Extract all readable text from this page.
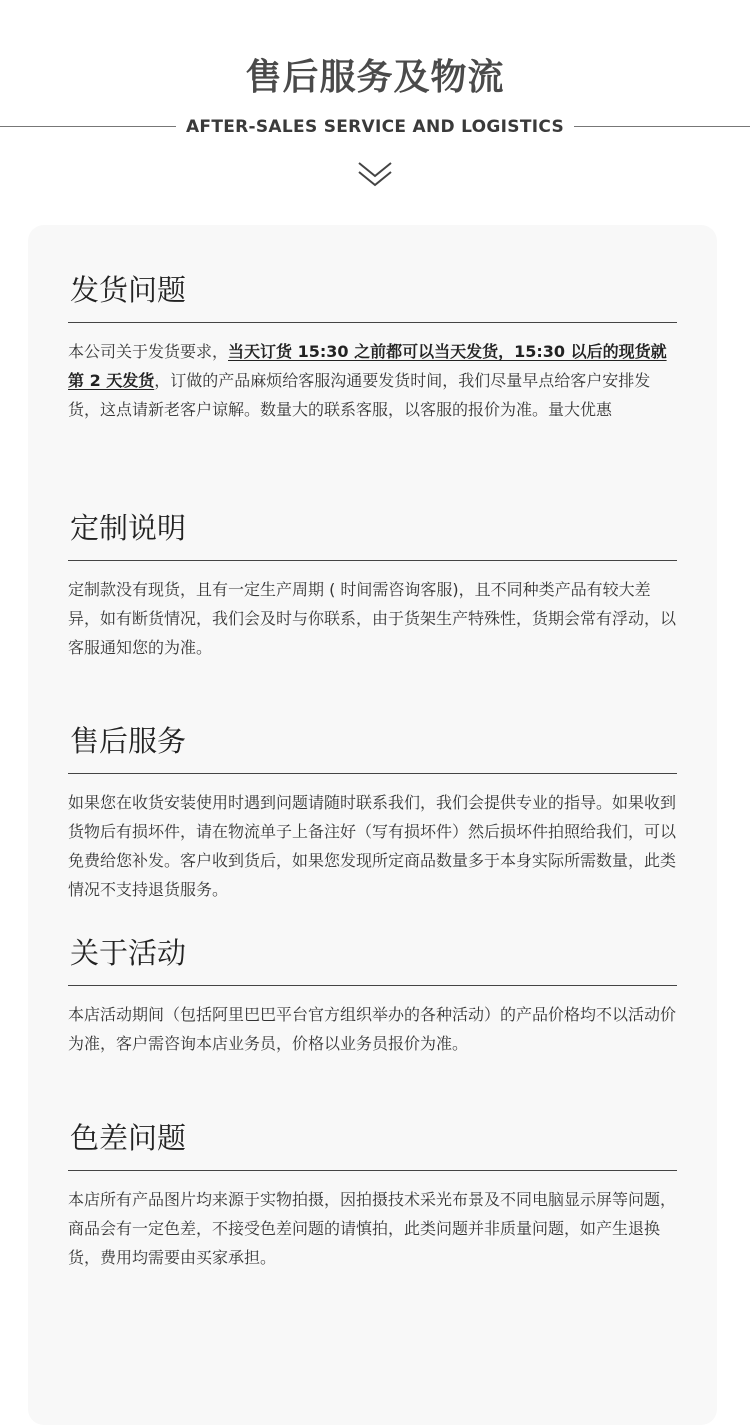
售后服务及物流
AFTER-SALES SERVICE AND LOGISTICS
发货问题
本公司关于发货要求，当天订货 15:30 之前都可以当天发货，15:30 以后的现货就第 2 天发货，订做的产品麻烦给客服沟通要发货时间，我们尽量早点给客户安排发货，这点请新老客户谅解。数量大的联系客服，以客服的报价为准。量大优惠
定制说明
定制款没有现货，且有一定生产周期 ( 时间需咨询客服)，且不同种类产品有较大差异，如有断货情况，我们会及时与你联系，由于货架生产特殊性，货期会常有浮动，以客服通知您的为准。
售后服务
如果您在收货安装使用时遇到问题请随时联系我们，我们会提供专业的指导。如果收到货物后有损坏件，请在物流单子上备注好（写有损坏件）然后损坏件拍照给我们，可以免费给您补发。客户收到货后，如果您发现所定商品数量多于本身实际所需数量，此类情况不支持退货服务。
关于活动
本店活动期间（包括阿里巴巴平台官方组织举办的各种活动）的产品价格均不以活动价为准，客户需咨询本店业务员，价格以业务员报价为准。
色差问题
本店所有产品图片均来源于实物拍摄，因拍摄技术采光布景及不同电脑显示屏等问题，商品会有一定色差，不接受色差问题的请慎拍，此类问题并非质量问题，如产生退换货，费用均需要由买家承担。
